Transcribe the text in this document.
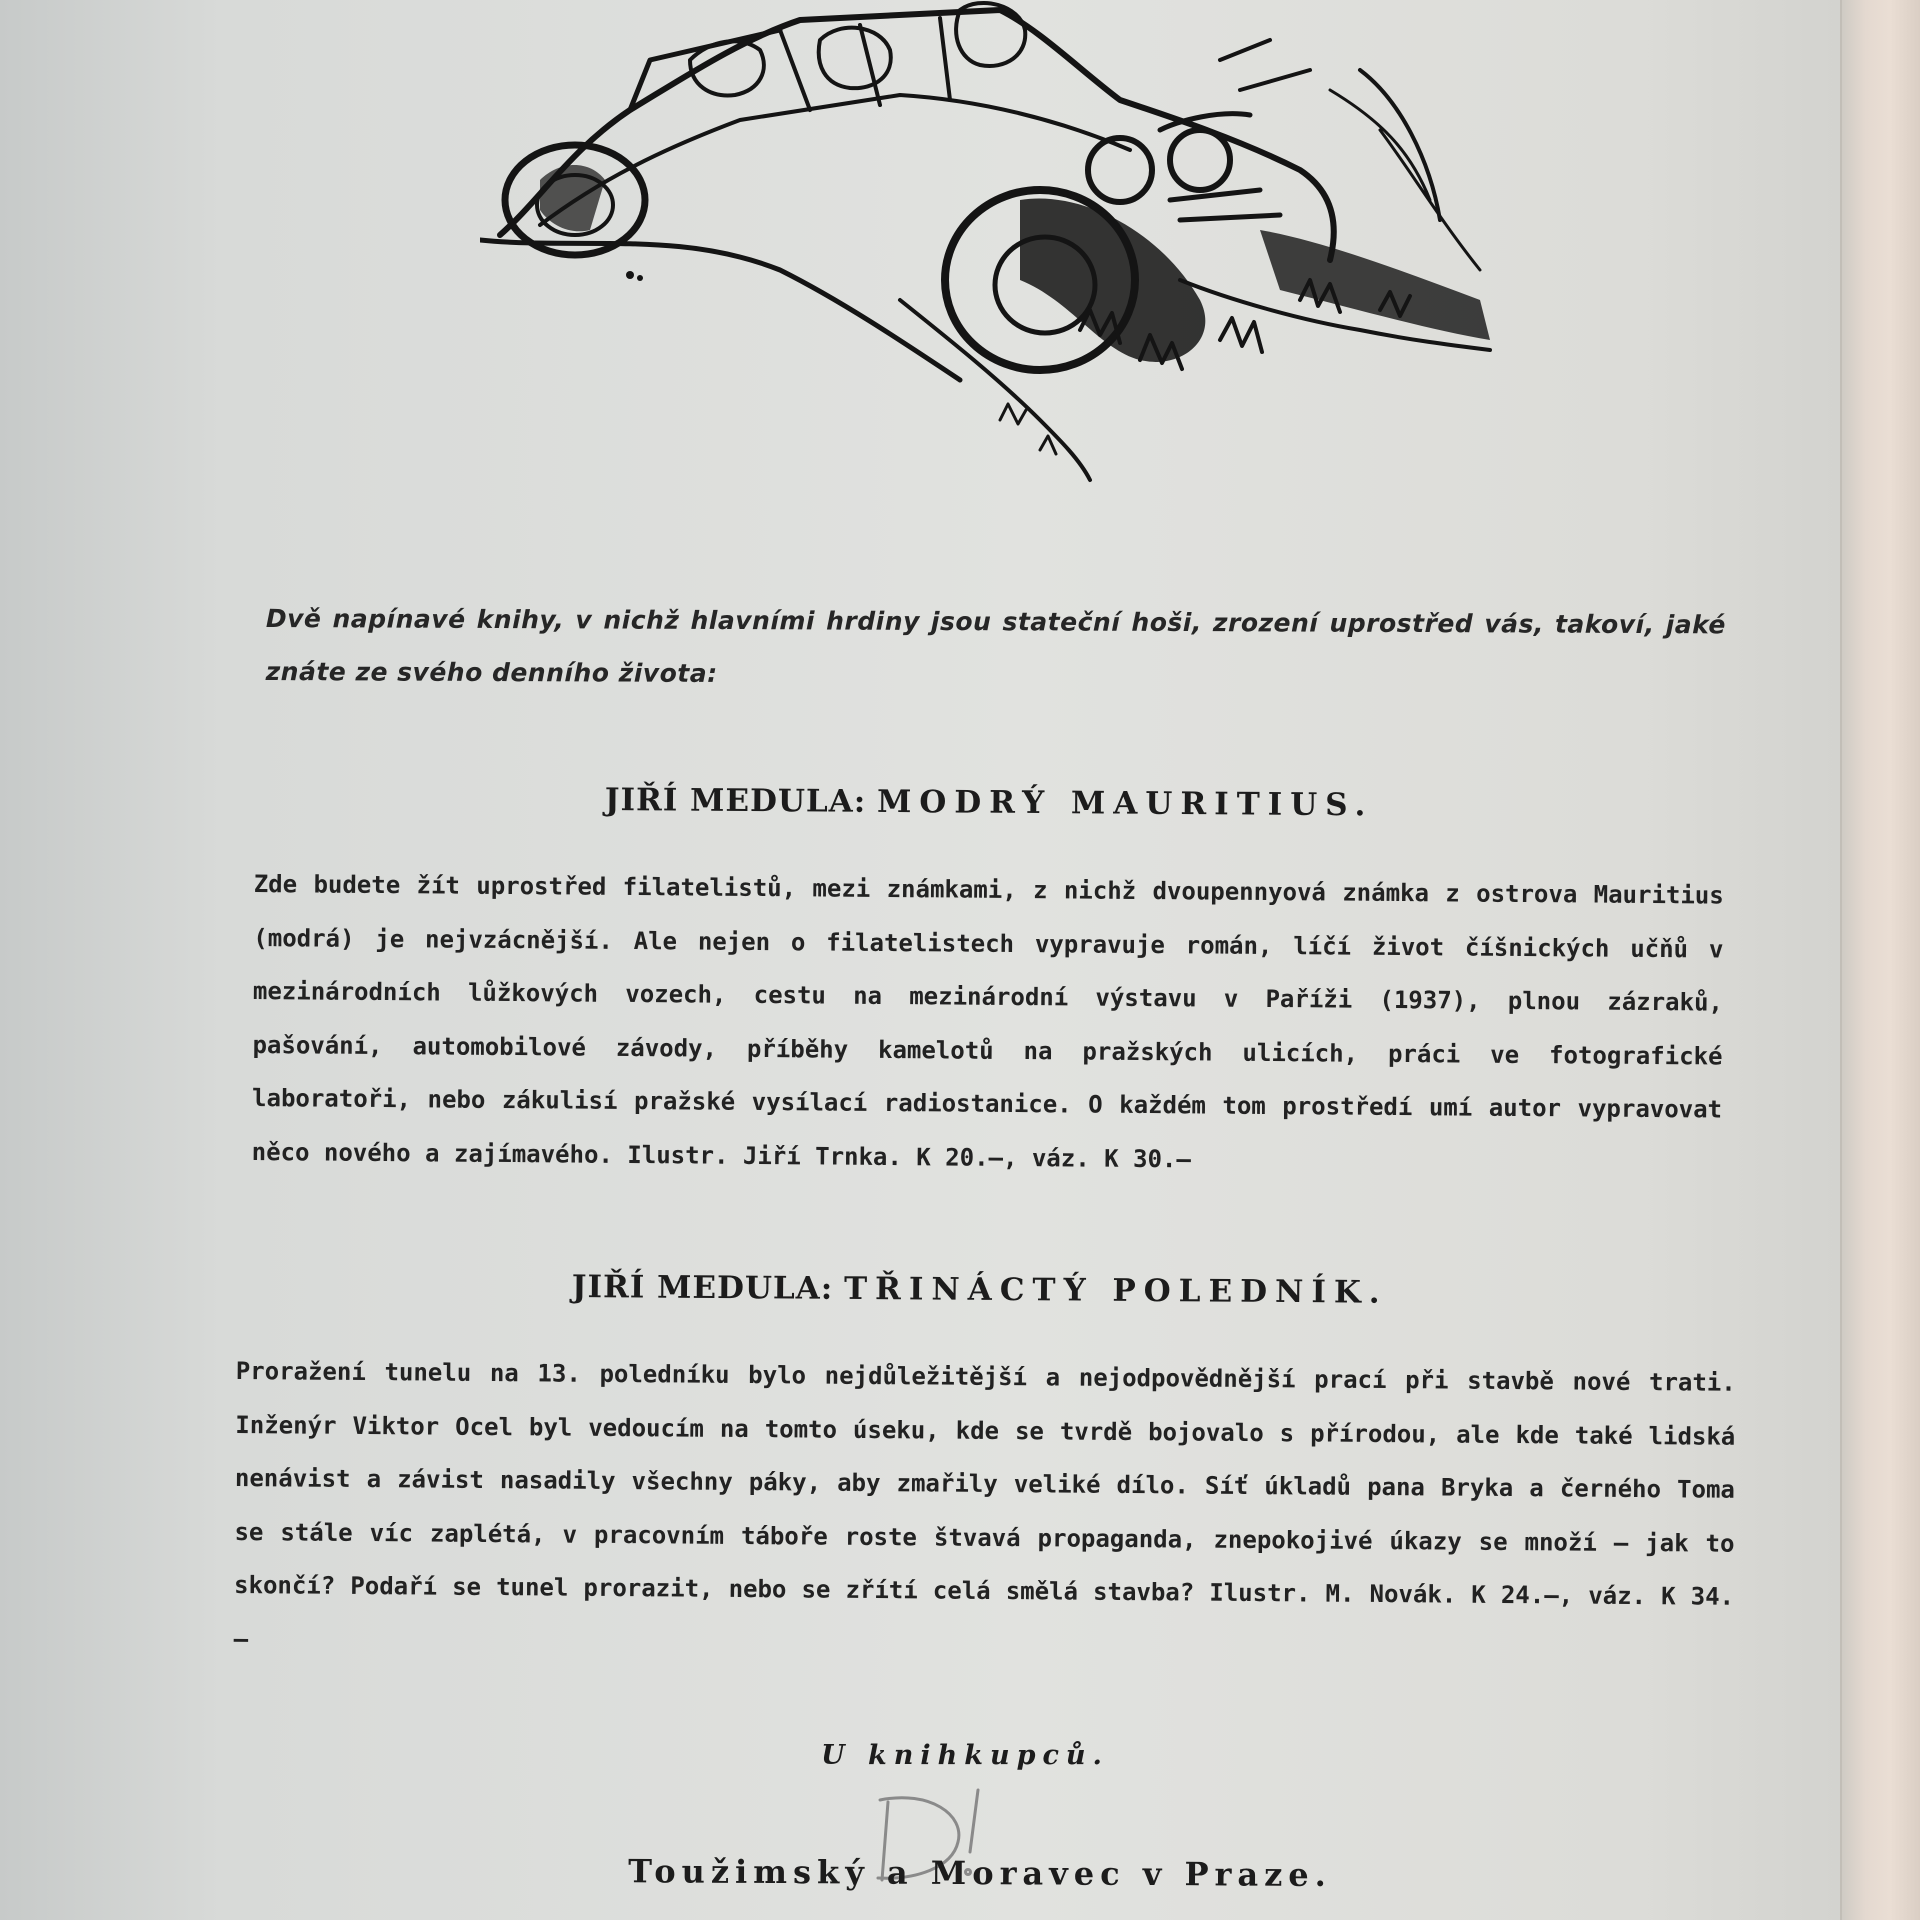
Dvě napínavé knihy, v nichž hlavními hrdiny jsou stateční hoši, zrození uprostřed vás, takoví, jaké znáte ze svého denního života:
JIŘÍ MEDULA: MODRÝ MAURITIUS.
Zde budete žít uprostřed filatelistů, mezi známkami, z nichž dvoupennyová známka z ostrova Mauritius (modrá) je nejvzácnější. Ale nejen o filatelistech vypravuje román, líčí život číšnických učňů v mezinárodních lůžkových vozech, cestu na mezinárodní výstavu v Paříži (1937), plnou zázraků, pašování, automobilové závody, příběhy kamelotů na pražských ulicích, práci ve fotografické laboratoři, nebo zákulisí pražské vysílací radiostanice. O každém tom prostředí umí autor vypravovat něco nového a zajímavého. Ilustr. Jiří Trnka. K 20.—, váz. K 30.—
JIŘÍ MEDULA: TŘINÁCTÝ POLEDNÍK.
Proražení tunelu na 13. poledníku bylo nejdůležitější a nejodpovědnější prací při stavbě nové trati. Inženýr Viktor Ocel byl vedoucím na tomto úseku, kde se tvrdě bojovalo s přírodou, ale kde také lidská nenávist a závist nasadily všechny páky, aby zmařily veliké dílo. Síť úkladů pana Bryka a černého Toma se stále víc zaplétá, v pracovním táboře roste štvavá propaganda, znepokojivé úkazy se množí — jak to skončí? Podaří se tunel prorazit, nebo se zřítí celá smělá stavba? Ilustr. M. Novák. K 24.—, váz. K 34.—
U knihkupců.
Toužimský a Moravec v Praze.
